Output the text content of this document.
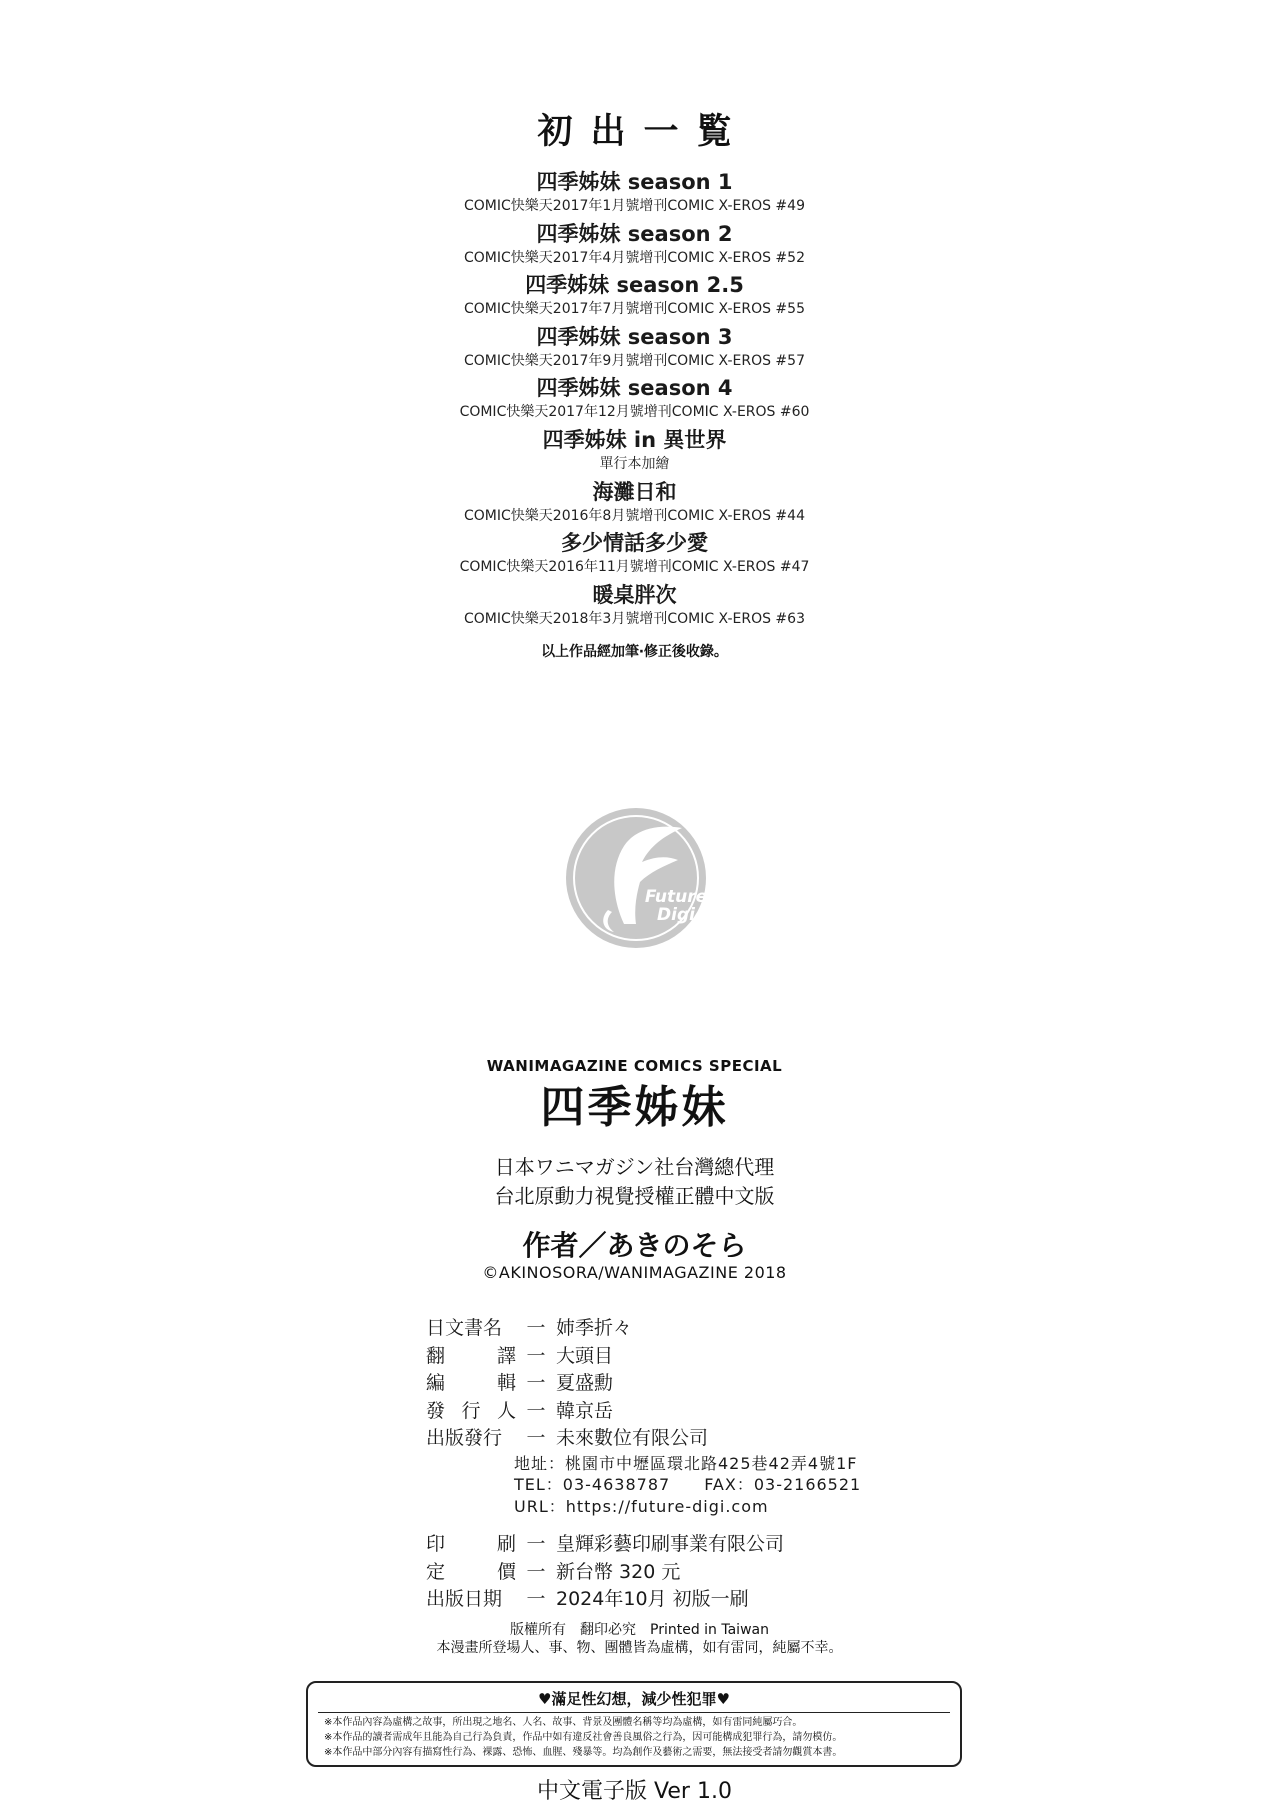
初出一覧
四季姊妹 season 1
COMIC快樂天2017年1月號增刊COMIC X-EROS #49
四季姊妹 season 2
COMIC快樂天2017年4月號增刊COMIC X-EROS #52
四季姊妹 season 2.5
COMIC快樂天2017年7月號增刊COMIC X-EROS #55
四季姊妹 season 3
COMIC快樂天2017年9月號增刊COMIC X-EROS #57
四季姊妹 season 4
COMIC快樂天2017年12月號增刊COMIC X-EROS #60
四季姊妹 in 異世界
單行本加繪
海灘日和
COMIC快樂天2016年8月號增刊COMIC X-EROS #44
多少情話多少愛
COMIC快樂天2016年11月號增刊COMIC X-EROS #47
暖桌胖次
COMIC快樂天2018年3月號增刊COMIC X-EROS #63
以上作品經加筆‧修正後收錄。
Future
Digi
WANIMAGAZINE COMICS SPECIAL
四季姊妹
日本ワニマガジン社台灣總代理
台北原動力視覺授權正體中文版
作者／あきのそら
©AKINOSORA/WANIMAGAZINE 2018
日文書名	一 姉季折々
翻	譯 一 大頭目
編	輯 一 夏盛勳
發 行 人 一 韓京岳
出版發行	一 未來數位有限公司
地址：桃園市中壢區環北路425巷42弄4號1F
TEL：03-4638787　　FAX：03-2166521
URL：https://future-digi.com
印	刷 一 皇輝彩藝印刷事業有限公司
定	價 一 新台幣 320 元
出版日期	一 2024年10月 初版一刷
版權所有　翻印必究　Printed in Taiwan
本漫畫所登場人、事、物、團體皆為虛構，如有雷同，純屬不幸。
♥滿足性幻想，減少性犯罪♥
※本作品內容為虛構之故事，所出現之地名、人名、故事、背景及團體名稱等均為虛構，如有雷同純屬巧合。
※本作品的讀者需成年且能為自己行為負責，作品中如有違反社會善良風俗之行為，因可能構成犯罪行為，請勿模仿。
※本作品中部分內容有描寫性行為、裸露、恐怖、血腥、殘暴等。均為創作及藝術之需要，無法接受者請勿觀賞本書。
中文電子版 Ver 1.0
